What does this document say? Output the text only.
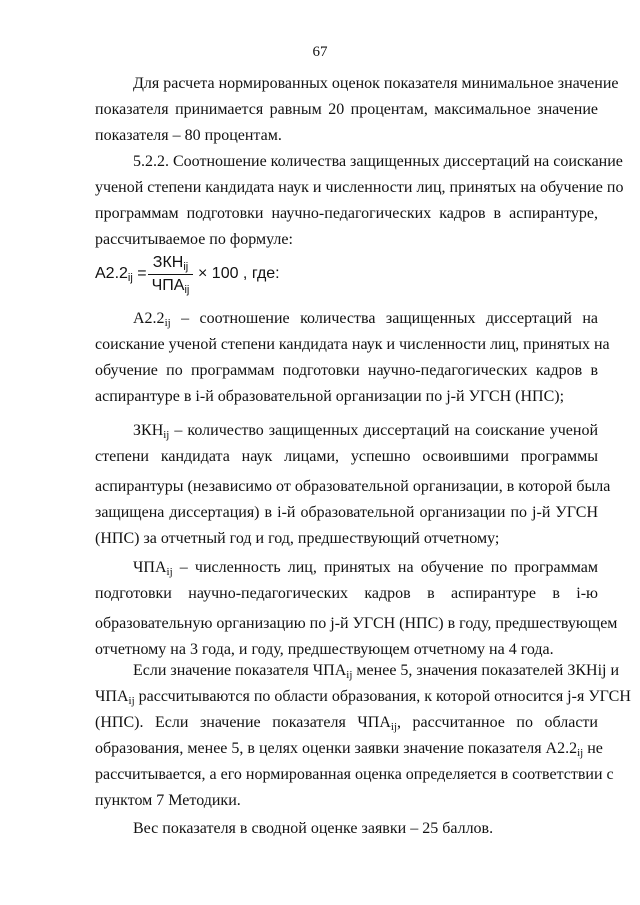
67
Для расчета нормированных оценок показателя минимальное значение
показателя принимается равным 20 процентам, максимальное значение
показателя – 80 процентам.
5.2.2. Соотношение количества защищенных диссертаций на соискание
ученой степени кандидата наук и численности лиц, принятых на обучение по
программам подготовки научно-педагогических кадров в аспирантуре,
рассчитываемое по формуле:
$А2.2_{ij}$ =
$ЗКН_{ij}$
$ЧПА_{ij}$
× 100 , где:
$А2.2_{ij}$ – соотношение количества защищенных диссертаций на
соискание ученой степени кандидата наук и численности лиц, принятых на
обучение по программам подготовки научно-педагогических кадров в
аспирантуре в i-й образовательной организации по j-й УГСН (НПС);
$ЗКН_{ij}$ – количество защищенных диссертаций на соискание ученой
степени кандидата наук лицами, успешно освоившими программы
аспирантуры (независимо от образовательной организации, в которой была
защищена диссертация) в i-й образовательной организации по j-й УГСН
(НПС) за отчетный год и год, предшествующий отчетному;
$ЧПА_{ij}$ – численность лиц, принятых на обучение по программам
подготовки научно-педагогических кадров в аспирантуре в i-ю
образовательную организацию по j-й УГСН (НПС) в году, предшествующем
отчетному на 3 года, и году, предшествующем отчетному на 4 года.
Если значение показателя $ЧПА_{ij}$ менее 5, значения показателей ЗКНij и
$ЧПА_{ij}$ рассчитываются по области образования, к которой относится j-я УГСН
(НПС). Если значение показателя $ЧПА_{ij}$, рассчитанное по области
образования, менее 5, в целях оценки заявки значение показателя $А2.2_{ij}$ не
рассчитывается, а его нормированная оценка определяется в соответствии с
пунктом 7 Методики.
Вес показателя в сводной оценке заявки – 25 баллов.
